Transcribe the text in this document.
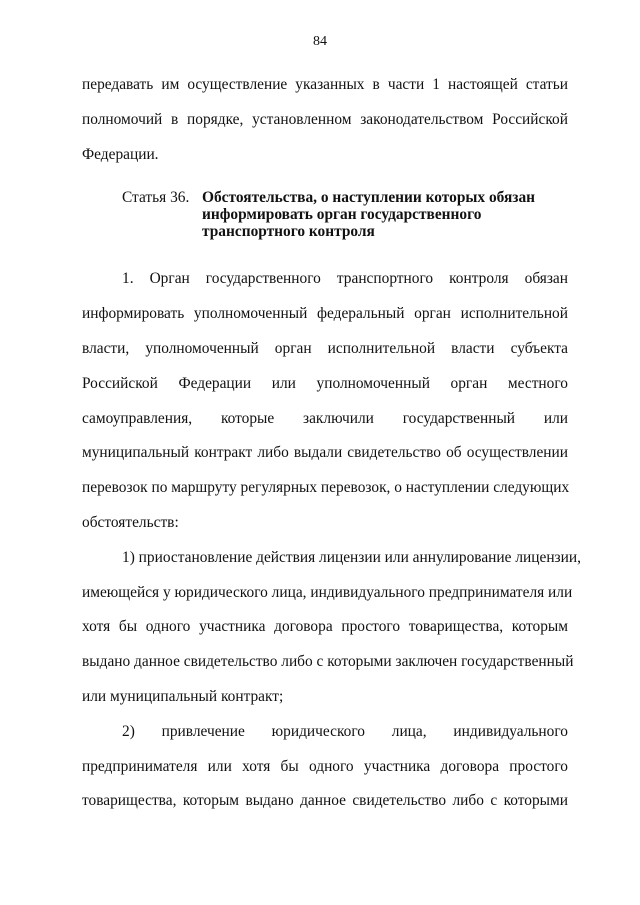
84

передавать им осуществление указанных в части 1 настоящей статьи
полномочий в порядке, установленном законодательством Российской
Федерации.

Статья 36. Обстоятельства, о наступлении которых обязан
информировать орган государственного
транспортного контроля

1. Орган государственного транспортного контроля обязан
информировать уполномоченный федеральный орган исполнительной
власти, уполномоченный орган исполнительной власти субъекта
Российской Федерации или уполномоченный орган местного
самоуправления, которые заключили государственный или
муниципальный контракт либо выдали свидетельство об осуществлении
перевозок по маршруту регулярных перевозок, о наступлении следующих
обстоятельств:

1) приостановление действия лицензии или аннулирование лицензии,
имеющейся у юридического лица, индивидуального предпринимателя или
хотя бы одного участника договора простого товарищества, которым
выдано данное свидетельство либо с которыми заключен государственный
или муниципальный контракт;

2) привлечение юридического лица, индивидуального
предпринимателя или хотя бы одного участника договора простого
товарищества, которым выдано данное свидетельство либо с которыми
